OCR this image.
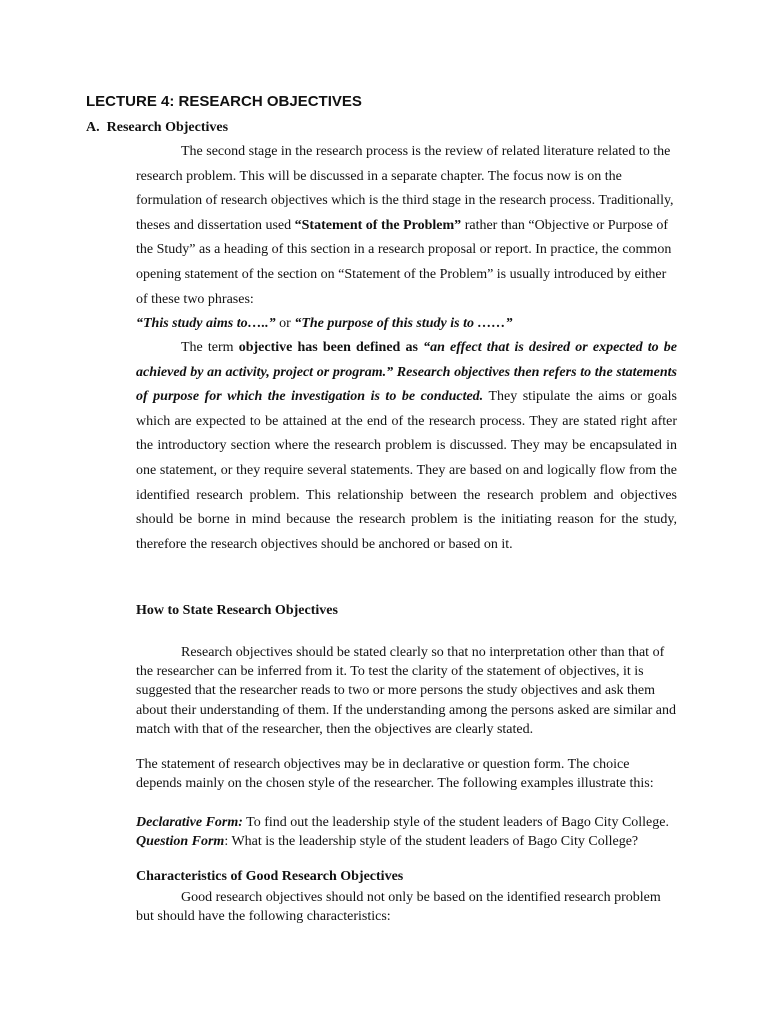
LECTURE 4: RESEARCH OBJECTIVES

A. Research Objectives

The second stage in the research process is the review of related literature related to the research problem. This will be discussed in a separate chapter. The focus now is on the formulation of research objectives which is the third stage in the research process. Traditionally, theses and dissertation used “Statement of the Problem” rather than “Objective or Purpose of the Study” as a heading of this section in a research proposal or report. In practice, the common opening statement of the section on “Statement of the Problem” is usually introduced by either of these two phrases:

“This study aims to…..” or “The purpose of this study is to ……”

The term objective has been defined as “an effect that is desired or expected to be achieved by an activity, project or program.” Research objectives then refers to the statements of purpose for which the investigation is to be conducted. They stipulate the aims or goals which are expected to be attained at the end of the research process. They are stated right after the introductory section where the research problem is discussed. They may be encapsulated in one statement, or they require several statements. They are based on and logically flow from the identified research problem. This relationship between the research problem and objectives should be borne in mind because the research problem is the initiating reason for the study, therefore the research objectives should be anchored or based on it.

How to State Research Objectives

Research objectives should be stated clearly so that no interpretation other than that of the researcher can be inferred from it. To test the clarity of the statement of objectives, it is suggested that the researcher reads to two or more persons the study objectives and ask them about their understanding of them. If the understanding among the persons asked are similar and match with that of the researcher, then the objectives are clearly stated.

The statement of research objectives may be in declarative or question form. The choice depends mainly on the chosen style of the researcher. The following examples illustrate this:

Declarative Form: To find out the leadership style of the student leaders of Bago City College.

Question Form: What is the leadership style of the student leaders of Bago City College?

Characteristics of Good Research Objectives

Good research objectives should not only be based on the identified research problem but should have the following characteristics:
